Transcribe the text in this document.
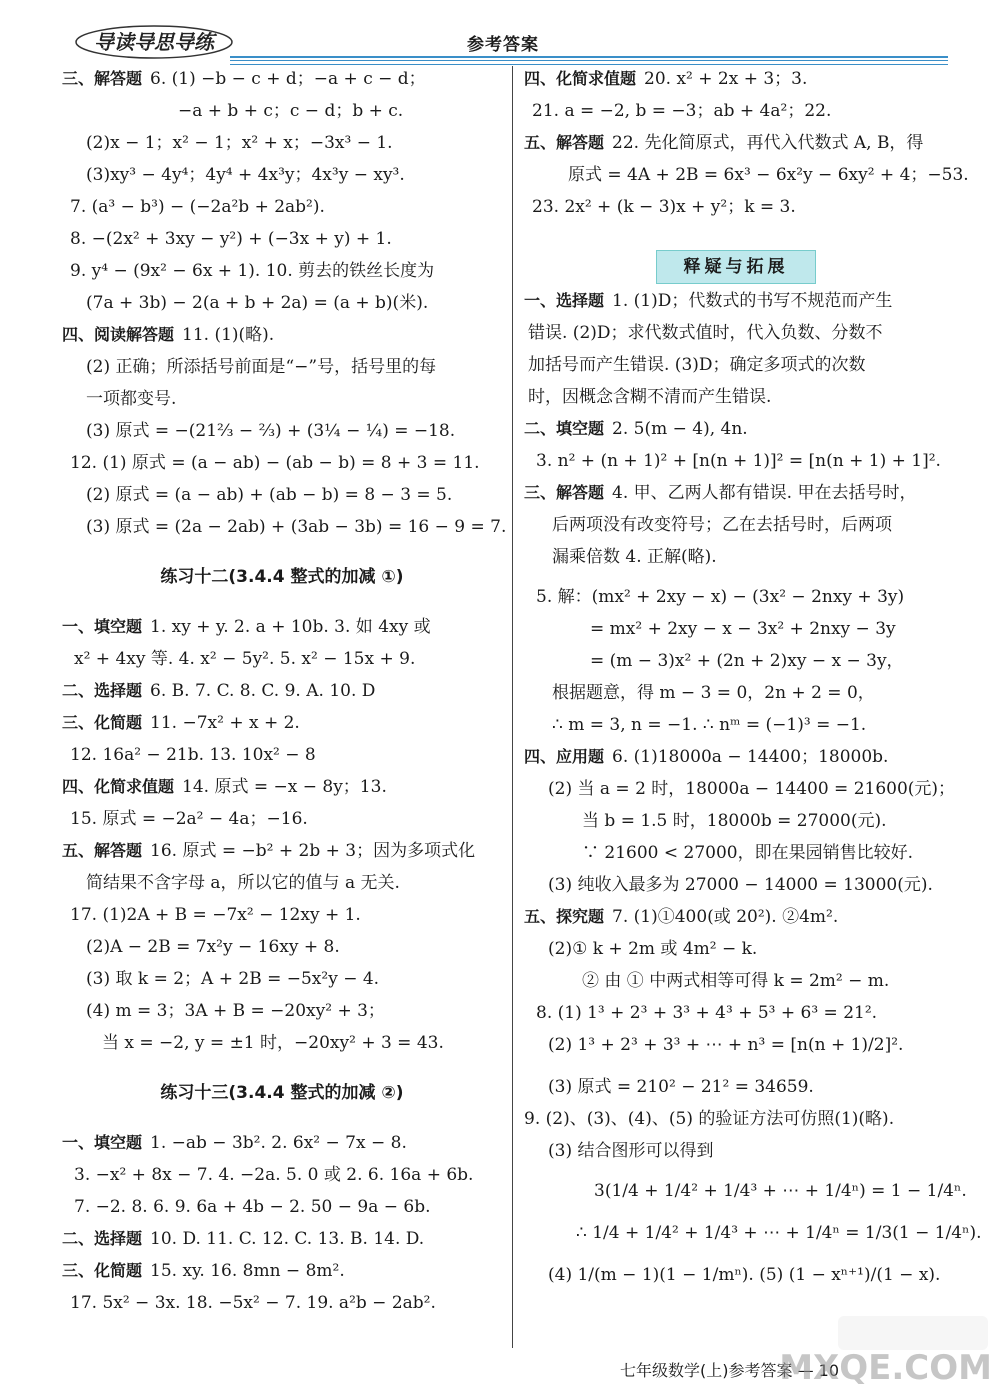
导读导思导练	参考答案
三、解答题 6. (1) −b − c + d；−a + c − d；
−a + b + c；c − d；b + c.
(2)x − 1；x² − 1；x² + x；−3x³ − 1.
(3)xy³ − 4y⁴；4y⁴ + 4x³y；4x³y − xy³.
7. (a³ − b³) − (−2a²b + 2ab²).
8. −(2x² + 3xy − y²) + (−3x + y) + 1.
9. y⁴ − (9x² − 6x + 1). 10. 剪去的铁丝长度为
(7a + 3b) − 2(a + b + 2a) = (a + b)(米).
四、阅读解答题 11. (1)(略).
(2) 正确；所添括号前面是“−”号，括号里的每
一项都变号.
(3) 原式 = −(21⅔ − ⅔) + (3¼ − ¼) = −18.
12. (1) 原式 = (a − ab) − (ab − b) = 8 + 3 = 11.
(2) 原式 = (a − ab) + (ab − b) = 8 − 3 = 5.
(3) 原式 = (2a − 2ab) + (3ab − 3b) = 16 − 9 = 7.
练习十二(3.4.4 整式的加减 ①)
一、填空题 1. xy + y. 2. a + 10b. 3. 如 4xy 或
x² + 4xy 等. 4. x² − 5y². 5. x² − 15x + 9.
二、选择题 6. B. 7. C. 8. C. 9. A. 10. D
三、化简题 11. −7x² + x + 2.
12. 16a² − 21b. 13. 10x² − 8
四、化简求值题 14. 原式 = −x − 8y；13.
15. 原式 = −2a² − 4a；−16.
五、解答题 16. 原式 = −b² + 2b + 3；因为多项式化
简结果不含字母 a，所以它的值与 a 无关.
17. (1)2A + B = −7x² − 12xy + 1.
(2)A − 2B = 7x²y − 16xy + 8.
(3) 取 k = 2；A + 2B = −5x²y − 4.
(4) m = 3；3A + B = −20xy² + 3；
当 x = −2, y = ±1 时，−20xy² + 3 = 43.
练习十三(3.4.4 整式的加减 ②)
一、填空题 1. −ab − 3b². 2. 6x² − 7x − 8.
3. −x² + 8x − 7. 4. −2a. 5. 0 或 2. 6. 16a + 6b.
7. −2. 8. 6. 9. 6a + 4b − 2. 50 − 9a − 6b.
二、选择题 10. D. 11. C. 12. C. 13. B. 14. D.
三、化简题 15. xy. 16. 8mn − 8m².
17. 5x² − 3x. 18. −5x² − 7. 19. a²b − 2ab².
四、化简求值题 20. x² + 2x + 3；3.
21. a = −2, b = −3；ab + 4a²；22.
五、解答题 22. 先化简原式，再代入代数式 A, B，得
原式 = 4A + 2B = 6x³ − 6x²y − 6xy² + 4；−53.
23. 2x² + (k − 3)x + y²；k = 3.
释疑与拓展
一、选择题 1. (1)D；代数式的书写不规范而产生
错误. (2)D；求代数式值时，代入负数、分数不
加括号而产生错误. (3)D；确定多项式的次数
时，因概念含糊不清而产生错误.
二、填空题 2. 5(m − 4), 4n.
3. n² + (n + 1)² + [n(n + 1)]² = [n(n + 1) + 1]².
三、解答题 4. 甲、乙两人都有错误. 甲在去括号时，
后两项没有改变符号；乙在去括号时，后两项
漏乘倍数 4. 正解(略).
5. 解：(mx² + 2xy − x) − (3x² − 2nxy + 3y)
= mx² + 2xy − x − 3x² + 2nxy − 3y
= (m − 3)x² + (2n + 2)xy − x − 3y，
根据题意，得 m − 3 = 0，2n + 2 = 0，
∴ m = 3, n = −1. ∴ nᵐ = (−1)³ = −1.
四、应用题 6. (1)18000a − 14400；18000b.
(2) 当 a = 2 时，18000a − 14400 = 21600(元)；
当 b = 1.5 时，18000b = 27000(元).
∵ 21600 < 27000，即在果园销售比较好.
(3) 纯收入最多为 27000 − 14000 = 13000(元).
五、探究题 7. (1)①400(或 20²). ②4m².
(2)① k + 2m 或 4m² − k.
② 由 ① 中两式相等可得 k = 2m² − m.
8. (1) 1³ + 2³ + 3³ + 4³ + 5³ + 6³ = 21².
(2) 1³ + 2³ + 3³ + ⋯ + n³ = [n(n + 1)/2]².
(3) 原式 = 210² − 21² = 34659.
9. (2)、(3)、(4)、(5) 的验证方法可仿照(1)(略).
(3) 结合图形可以得到
3(1/4 + 1/4² + 1/4³ + ⋯ + 1/4ⁿ) = 1 − 1/4ⁿ.
∴ 1/4 + 1/4² + 1/4³ + ⋯ + 1/4ⁿ = 1/3(1 − 1/4ⁿ).
(4) 1/(m − 1)(1 − 1/mⁿ). (5) (1 − xⁿ⁺¹)/(1 − x).
七年级数学(上)参考答案 — 10
MXQE.COM
